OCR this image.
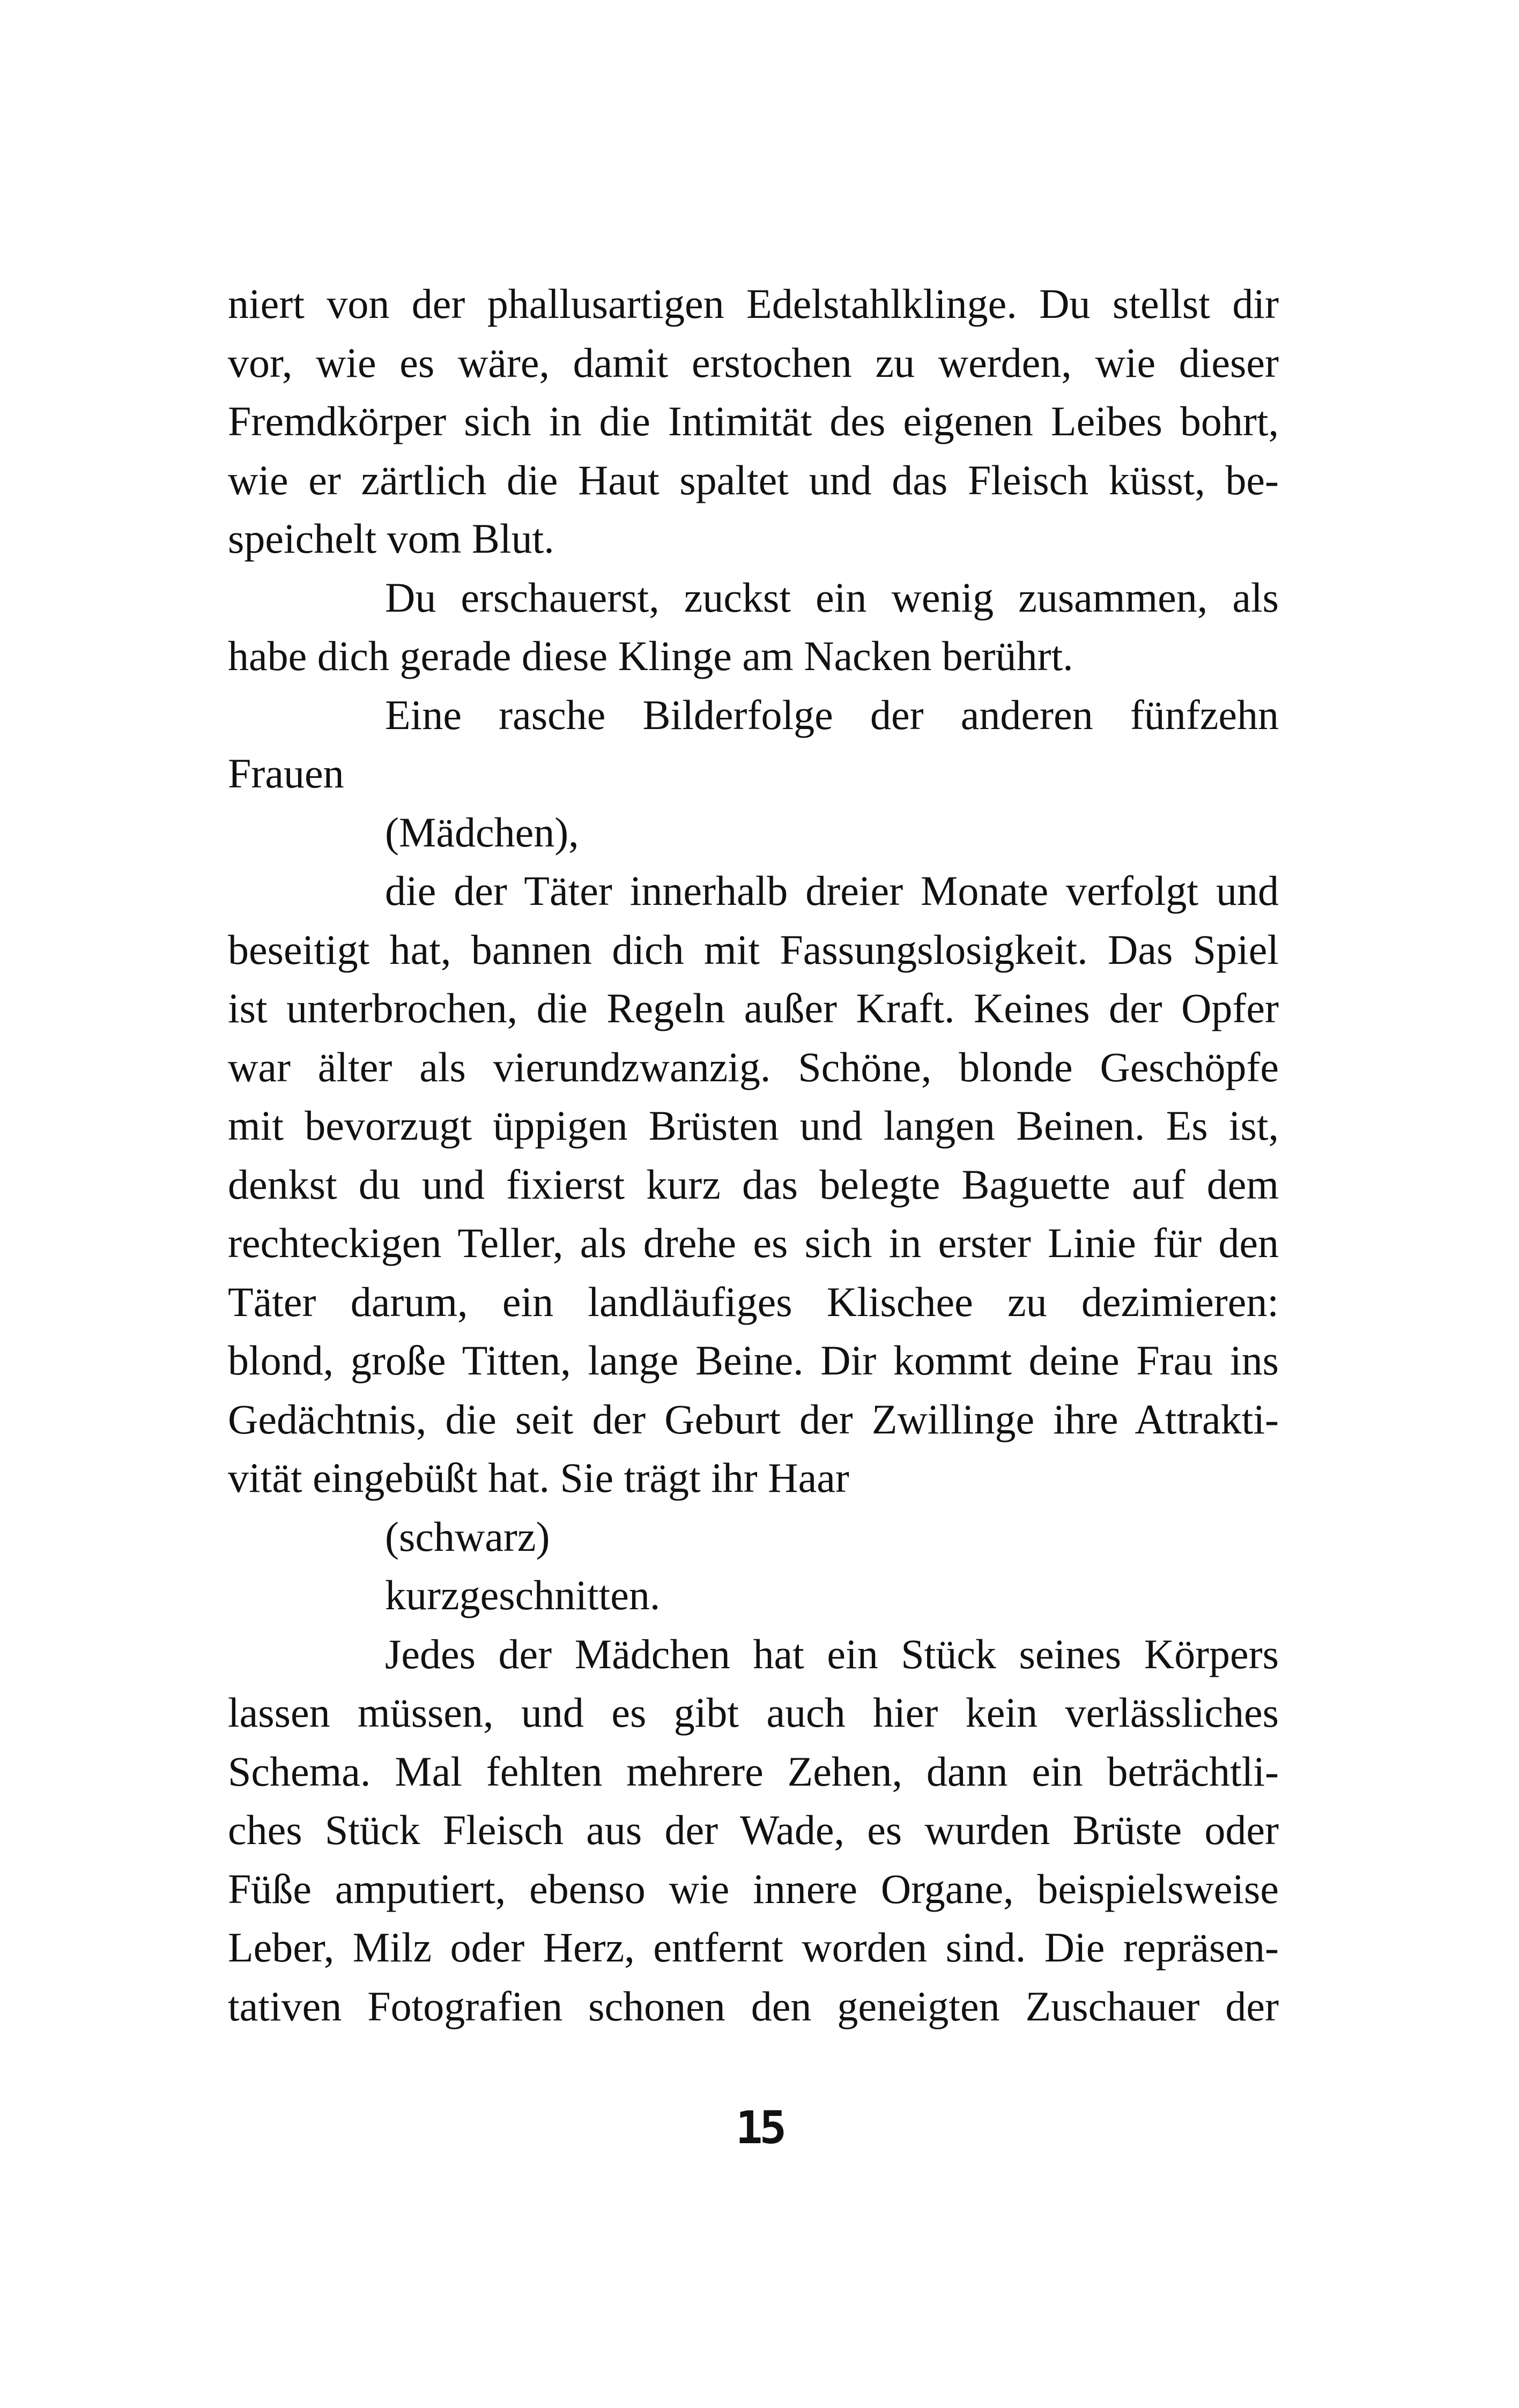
niert von der phallusartigen Edelstahlklinge. Du stellst dir
vor, wie es wäre, damit erstochen zu werden, wie dieser
Fremdkörper sich in die Intimität des eigenen Leibes bohrt,
wie er zärtlich die Haut spaltet und das Fleisch küsst, be-
speichelt vom Blut.
Du erschauerst, zuckst ein wenig zusammen, als
habe dich gerade diese Klinge am Nacken berührt.
Eine rasche Bilderfolge der anderen fünfzehn
Frauen
(Mädchen),
die der Täter innerhalb dreier Monate verfolgt und
beseitigt hat, bannen dich mit Fassungslosigkeit. Das Spiel
ist unterbrochen, die Regeln außer Kraft. Keines der Opfer
war älter als vierundzwanzig. Schöne, blonde Geschöpfe
mit bevorzugt üppigen Brüsten und langen Beinen. Es ist,
denkst du und fixierst kurz das belegte Baguette auf dem
rechteckigen Teller, als drehe es sich in erster Linie für den
Täter darum, ein landläufiges Klischee zu dezimieren:
blond, große Titten, lange Beine. Dir kommt deine Frau ins
Gedächtnis, die seit der Geburt der Zwillinge ihre Attrakti-
vität eingebüßt hat. Sie trägt ihr Haar
(schwarz)
kurzgeschnitten.
Jedes der Mädchen hat ein Stück seines Körpers
lassen müssen, und es gibt auch hier kein verlässliches
Schema. Mal fehlten mehrere Zehen, dann ein beträchtli-
ches Stück Fleisch aus der Wade, es wurden Brüste oder
Füße amputiert, ebenso wie innere Organe, beispielsweise
Leber, Milz oder Herz, entfernt worden sind. Die repräsen-
tativen Fotografien schonen den geneigten Zuschauer der
15
